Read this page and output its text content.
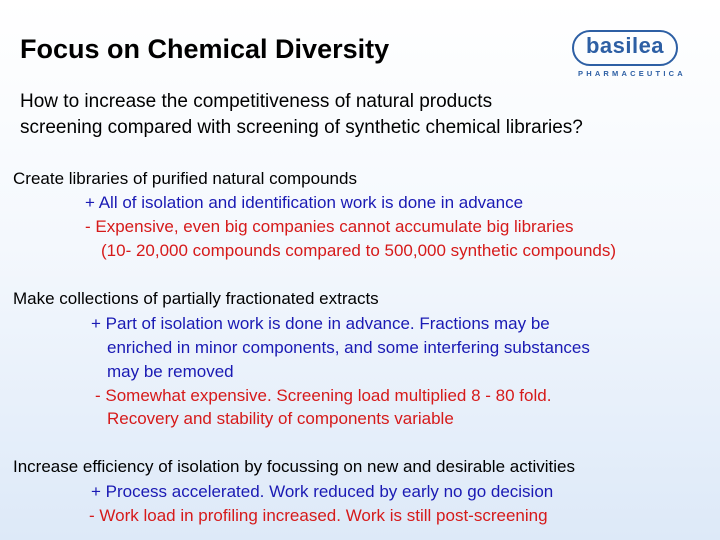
Focus on Chemical Diversity	basilea
PHARMACEUTICA
How to increase the competitiveness of natural products
screening compared with screening of synthetic chemical libraries?
Create libraries of purified natural compounds
+ All of isolation and identification work is done in advance
- Expensive, even big companies cannot accumulate big libraries
(10- 20,000 compounds compared to 500,000 synthetic compounds)
Make collections of partially fractionated extracts
+ Part of isolation work is done in advance. Fractions may be
enriched in minor components, and some interfering substances
may be removed
- Somewhat expensive. Screening load multiplied 8 - 80 fold.
Recovery and stability of components variable
Increase efficiency of isolation by focussing on new and desirable activities
+ Process accelerated. Work reduced by early no go decision
- Work load in profiling increased. Work is still post-screening
